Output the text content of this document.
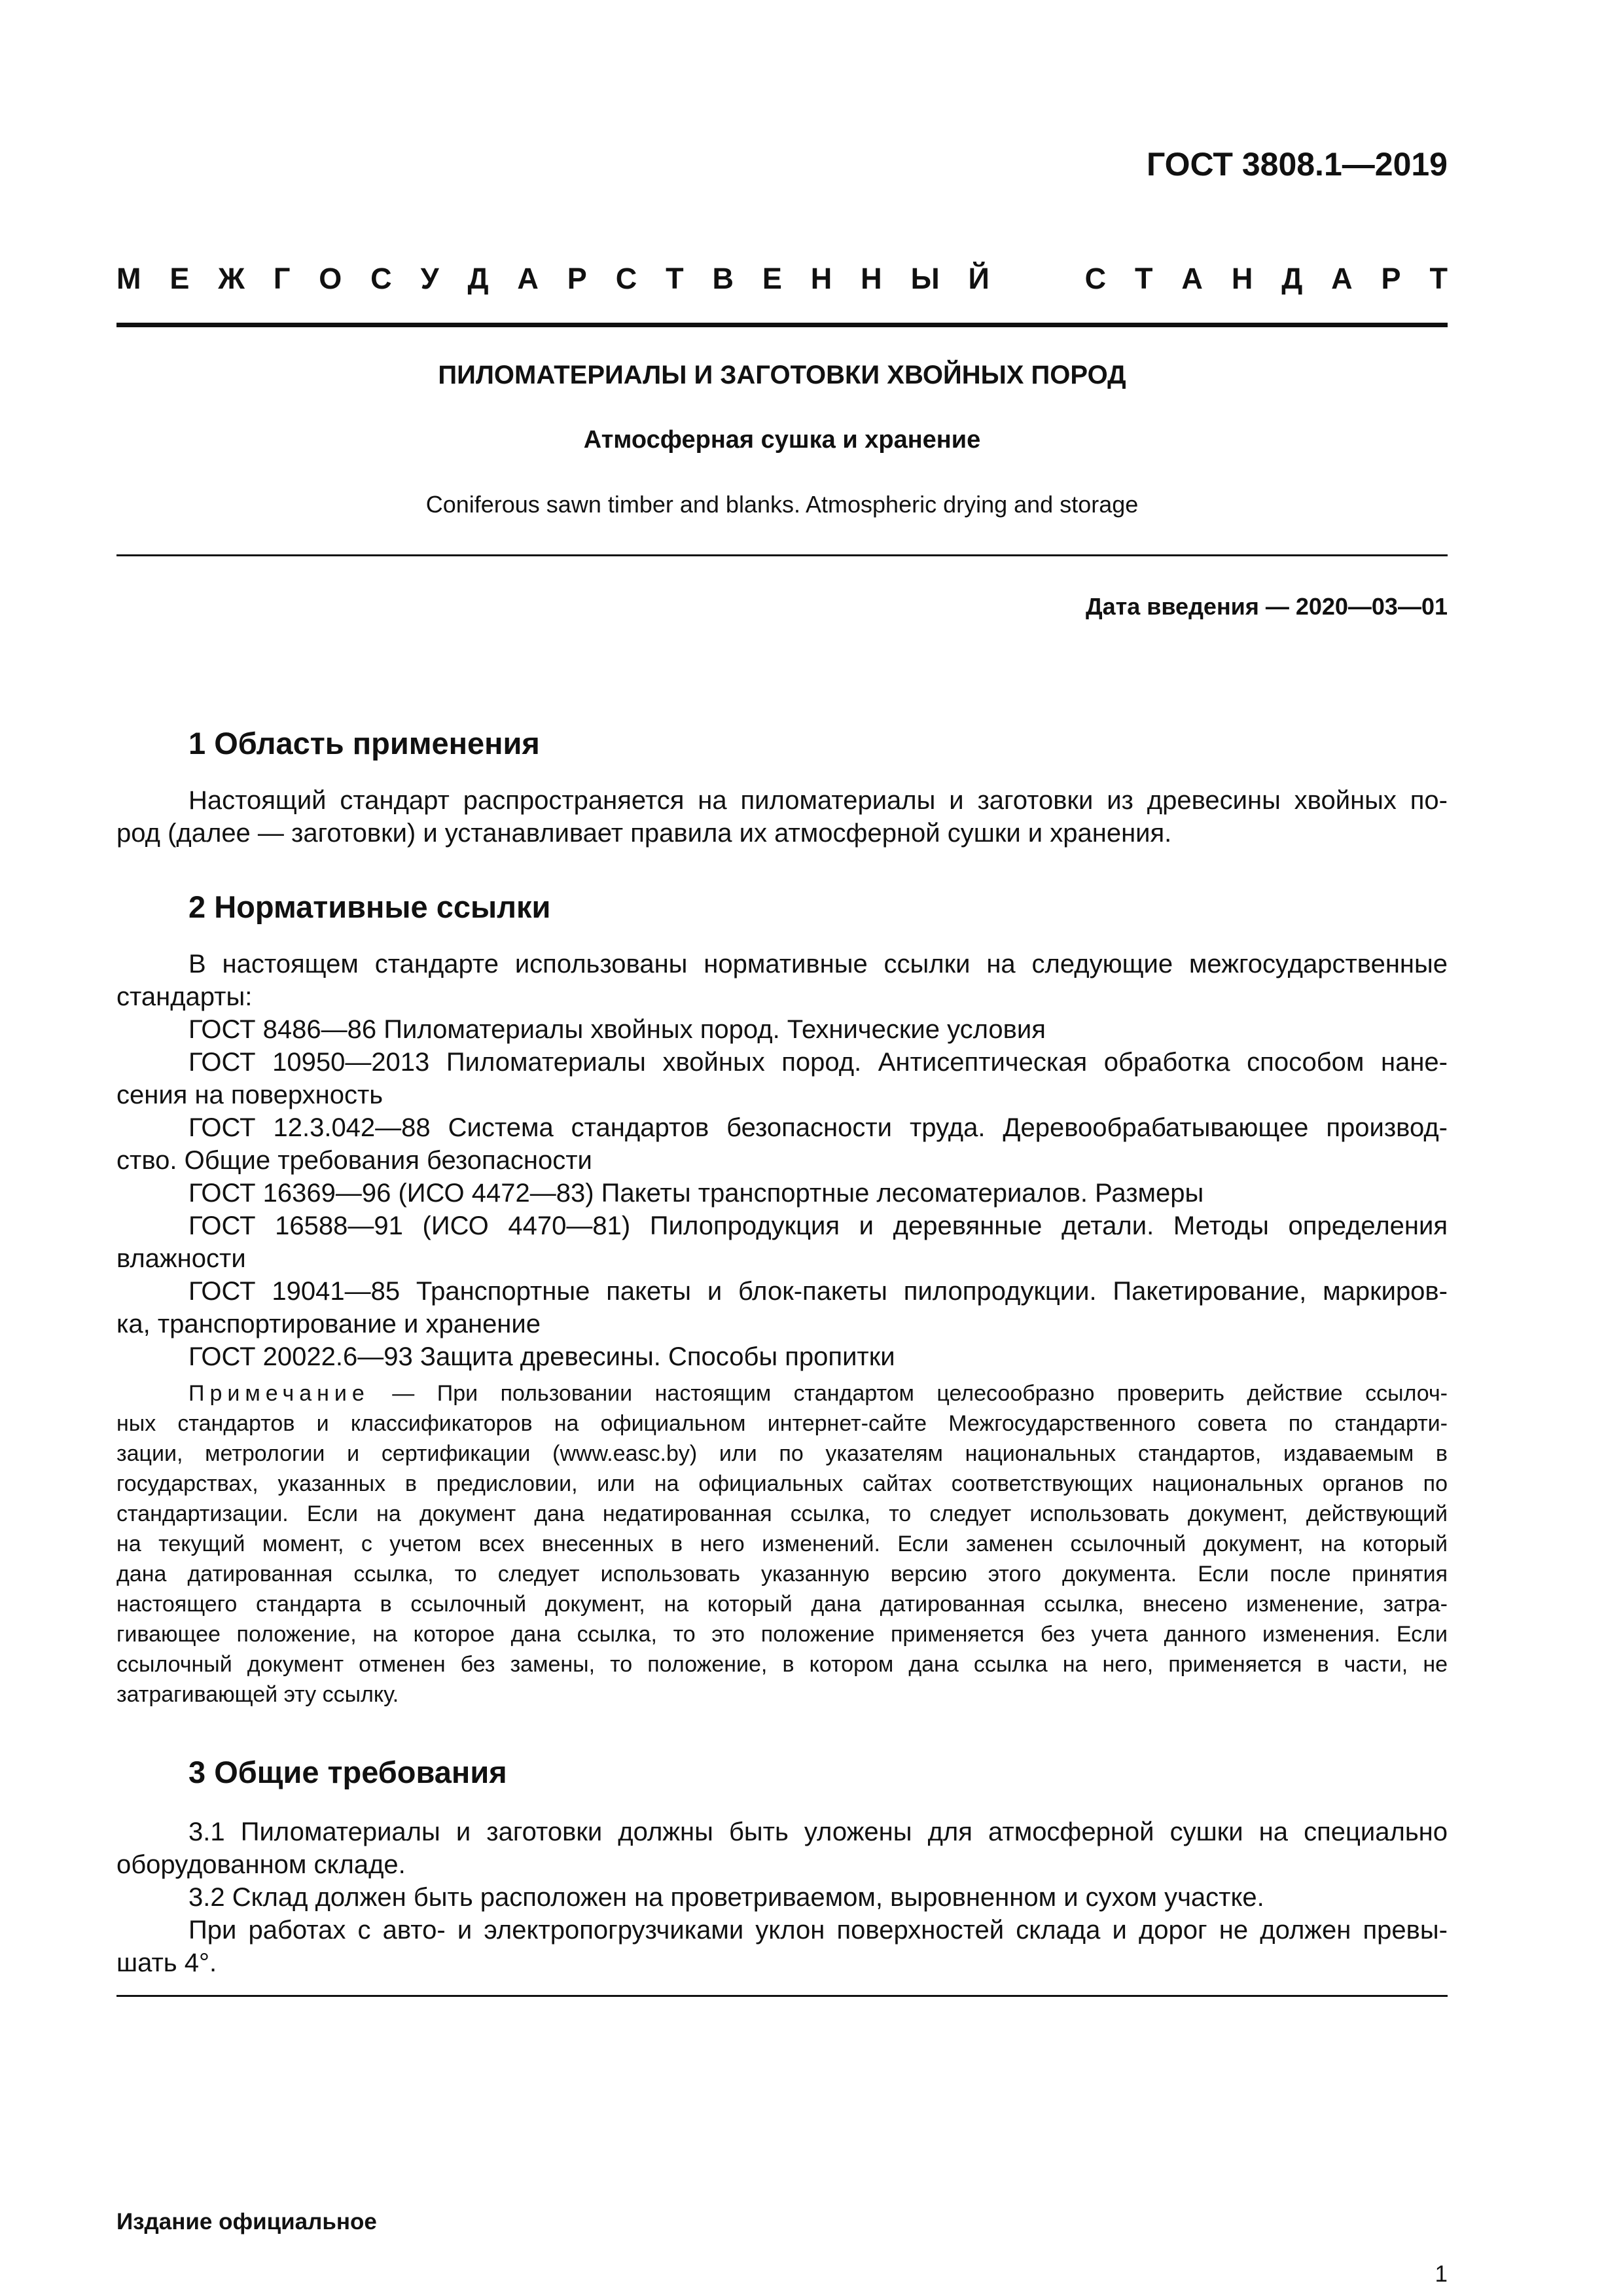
ГОСТ 3808.1—2019
М Е Ж Г О С У Д А Р С Т В Е Н Н Ы Й	С Т А Н Д А Р Т
ПИЛОМАТЕРИАЛЫ И ЗАГОТОВКИ ХВОЙНЫХ ПОРОД
Атмосферная сушка и хранение
Coniferous sawn timber and blanks. Atmospheric drying and storage
Дата введения — 2020—03—01
1 Область применения
Настоящий стандарт распространяется на пиломатериалы и заготовки из древесины хвойных по-
род (далее — заготовки) и устанавливает правила их атмосферной сушки и хранения.
2 Нормативные ссылки
В настоящем стандарте использованы нормативные ссылки на следующие межгосударственные
стандарты:
ГОСТ 8486—86 Пиломатериалы хвойных пород. Технические условия
ГОСТ 10950—2013 Пиломатериалы хвойных пород. Антисептическая обработка способом нане-
сения на поверхность
ГОСТ 12.3.042—88 Система стандартов безопасности труда. Деревообрабатывающее производ-
ство. Общие требования безопасности
ГОСТ 16369—96 (ИСО 4472—83) Пакеты транспортные лесоматериалов. Размеры
ГОСТ 16588—91 (ИСО 4470—81) Пилопродукция и деревянные детали. Методы определения
влажности
ГОСТ 19041—85 Транспортные пакеты и блок-пакеты пилопродукции. Пакетирование, маркиров-
ка, транспортирование и хранение
ГОСТ 20022.6—93 Защита древесины. Способы пропитки
Примечание — При пользовании настоящим стандартом целесообразно проверить действие ссылоч-
ных стандартов и классификаторов на официальном интернет-сайте Межгосударственного совета по стандарти-
зации, метрологии и сертификации (www.easc.by) или по указателям национальных стандартов, издаваемым в
государствах, указанных в предисловии, или на официальных сайтах соответствующих национальных органов по
стандартизации. Если на документ дана недатированная ссылка, то следует использовать документ, действующий
на текущий момент, с учетом всех внесенных в него изменений. Если заменен ссылочный документ, на который
дана датированная ссылка, то следует использовать указанную версию этого документа. Если после принятия
настоящего стандарта в ссылочный документ, на который дана датированная ссылка, внесено изменение, затра-
гивающее положение, на которое дана ссылка, то это положение применяется без учета данного изменения. Если
ссылочный документ отменен без замены, то положение, в котором дана ссылка на него, применяется в части, не
затрагивающей эту ссылку.
3 Общие требования
3.1 Пиломатериалы и заготовки должны быть уложены для атмосферной сушки на специально
оборудованном складе.
3.2 Склад должен быть расположен на проветриваемом, выровненном и сухом участке.
При работах с авто- и электропогрузчиками уклон поверхностей склада и дорог не должен превы-
шать 4°.
Издание официальное
1
